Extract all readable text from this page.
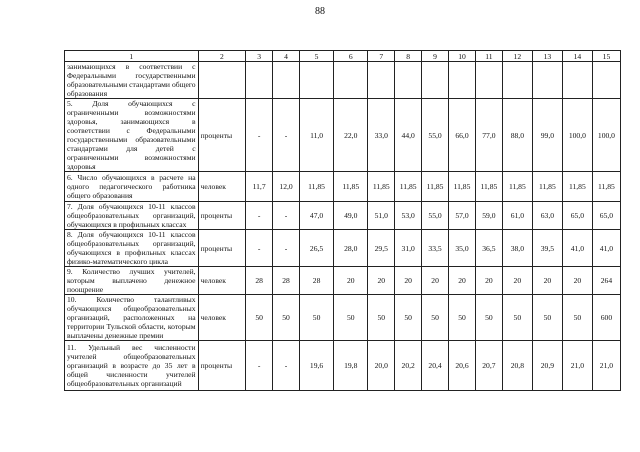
88
1	2	3	4	5	6	7	8	9	10	11	12	13	14	15
занимающихся в соответствии с Федеральными государственными образовательными стандартами общего образования														
5. Доля обучающихся с ограниченными возможностями здоровья, занимающихся в соответствии с Федеральными государственными образовательными стандартами для детей с ограниченными возможностями здоровья	проценты	-	-	11,0	22,0	33,0	44,0	55,0	66,0	77,0	88,0	99,0	100,0	100,0
6. Число обучающихся в расчете на одного педагогического работника общего образования	человек	11,7	12,0	11,85	11,85	11,85	11,85	11,85	11,85	11,85	11,85	11,85	11,85	11,85
7. Доля обучающихся 10-11 классов общеобразовательных организаций, обучающихся в профильных классах	проценты	-	-	47,0	49,0	51,0	53,0	55,0	57,0	59,0	61,0	63,0	65,0	65,0
8. Доля обучающихся 10-11 классов общеобразовательных организаций, обучающихся в профильных классах физико-математического цикла	проценты	-	-	26,5	28,0	29,5	31,0	33,5	35,0	36,5	38,0	39,5	41,0	41,0
9. Количество лучших учителей, которым выплачено денежное поощрение	человек	28	28	28	20	20	20	20	20	20	20	20	20	264
10. Количество талантливых обучающихся общеобразовательных организаций, расположенных на территории Тульской области, которым выплачены денежные премии	человек	50	50	50	50	50	50	50	50	50	50	50	50	600
11. Удельный вес численности учителей общеобразовательных организаций в возрасте до 35 лет в общей численности учителей общеобразовательных организаций	проценты	-	-	19,6	19,8	20,0	20,2	20,4	20,6	20,7	20,8	20,9	21,0	21,0
